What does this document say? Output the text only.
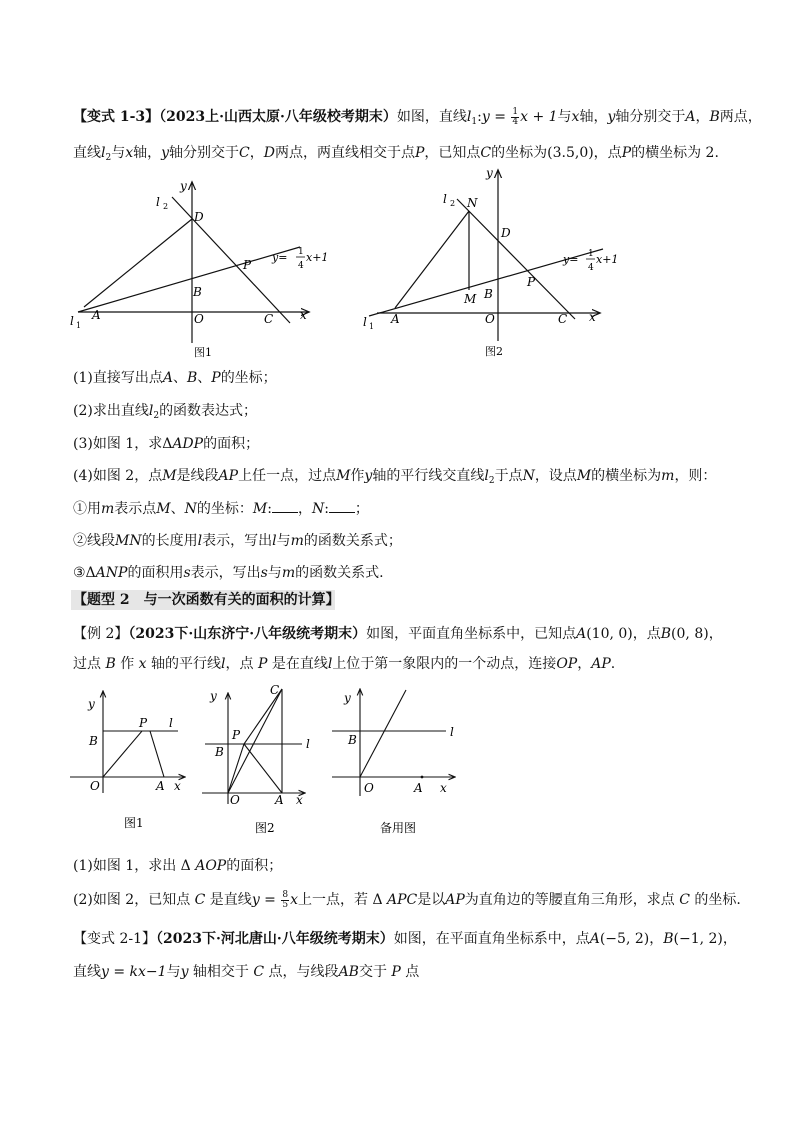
【变式 1-3】（2023上·山西太原·八年级校考期末）如图，直线$l_1:y = \frac{1}{4}$ x + 1与x轴，y轴分别交于A，B两点，
直线$l_2$与x轴，y轴分别交于C，D两点，两直线相交于点P，已知点C的坐标为(3.5,0)，点P的横坐标为 2.
l 2
y
D
y= 1
4
x+1
P
B
l 1
A	O	C x
图1
y
l 2 N
D
y= 1
4
x+1
P
M B
l 1
A	O	C x
图2
(1)直接写出点A、B、P的坐标；
(2)求出直线$l_2$的函数表达式；
(3)如图 1，求ΔADP的面积；
(4)如图 2，点M是线段AP上任一点，过点M作y轴的平行线交直线$l_2$于点N，设点M的横坐标为m，则：
①用m表示点M、N的坐标：M: ，N: ；
②线段MN的长度用l表示，写出l与m的函数关系式；
③ΔANP的面积用s表示，写出s与m的函数关系式.
【题型 2　与一次函数有关的面积的计算】
【例 2】（2023下·山东济宁·八年级统考期末）如图，平面直角坐标系中，已知点A(10, 0)，点B(0, 8)，
过点 B 作 x 轴的平行线l，点 P 是在直线l上位于第一象限内的一个动点，连接OP，AP.
y
P l
B
O	A x
图1
y	C
P
l
B
O	A x
图2
y
l
B
O	A x
备用图
(1)如图 1，求出 Δ AOP的面积；
(2)如图 2，已知点 C 是直线$y = \frac{8}{5}$ x上一点，若 Δ APC是以AP为直角边的等腰直角三角形，求点 C 的坐标.
【变式 2-1】（2023下·河北唐山·八年级统考期末）如图，在平面直角坐标系中，点A(−5, 2)，B(−1, 2)，
直线y = kx−1与y 轴相交于 C 点，与线段AB交于 P 点
